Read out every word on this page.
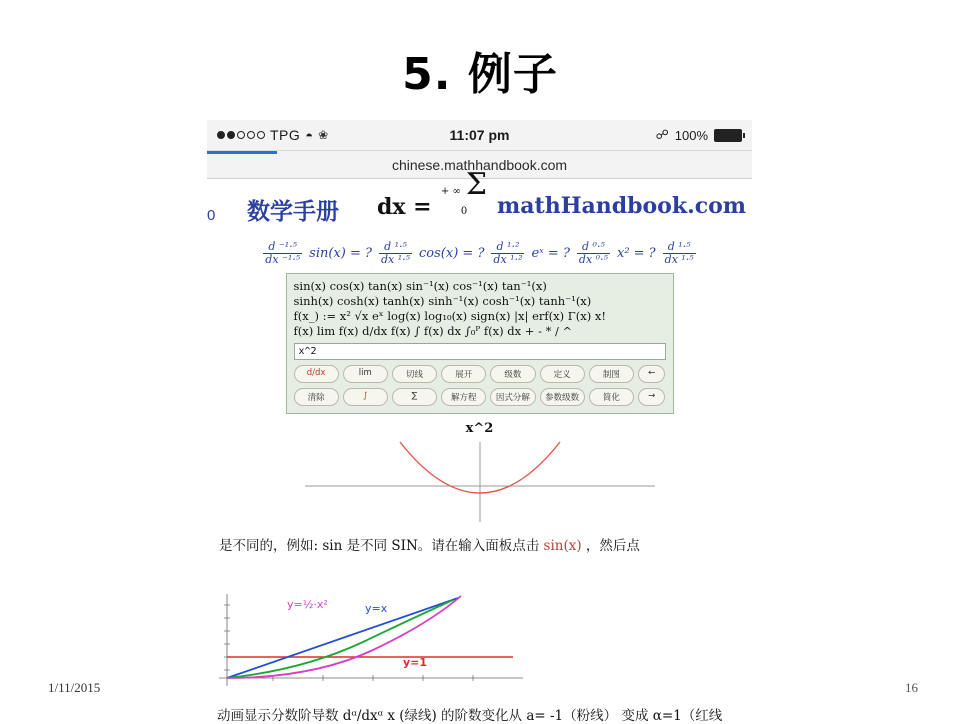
5. 例子
TPG ◓ ❀	11:07 pm	☍ 100%
chinese.mathhandbook.com
0 数学手册 dx =
+ ∞ Σ 0	mathHandbook.com
$\frac{\text{d ⁻¹·⁵}}{\text{dx ⁻¹·⁵}} \sin(x)$ = ? $\frac{\text{d ¹·⁵}}{\text{dx ¹·⁵}} \cos(x)$ = ? $\frac{\text{d ¹·²}}{\text{dx ¹·²}}$ eˣ = ? $\frac{\text{d ⁰·⁵}}{\text{dx ⁰·⁵}} x^2$ = ? $\frac{\text{d ¹·⁵}}{\text{dx ¹·⁵}}$
sin(x) cos(x) tan(x) sin⁻¹(x) cos⁻¹(x) tan⁻¹(x)
sinh(x) cosh(x) tanh(x) sinh⁻¹(x) cosh⁻¹(x) tanh⁻¹(x)
f(x_) := x² √x eˣ log(x) log₁₀(x) sign(x) |x| erf(x) Γ(x) x!
f(x) lim f(x) d/dx f(x) ∫ f(x) dx ∫₀ᴾ f(x) dx + - * / ^
x^2
d/dx	lim	切线	展开	级数	定义	制图	←
清除	∫	∑	解方程	因式分解	参数级数	简化	→
x^2
是不同的，例如: sin 是不同 SIN。请在输入面板点击 sin(x) ，然后点
y=½·x²	y=x
y=1
动画显示分数阶导数 dᵅ/dxᵅ x (绿线) 的阶数变化从 a= -1（粉线） 变成 α=1（红线
1/11/2015	16
